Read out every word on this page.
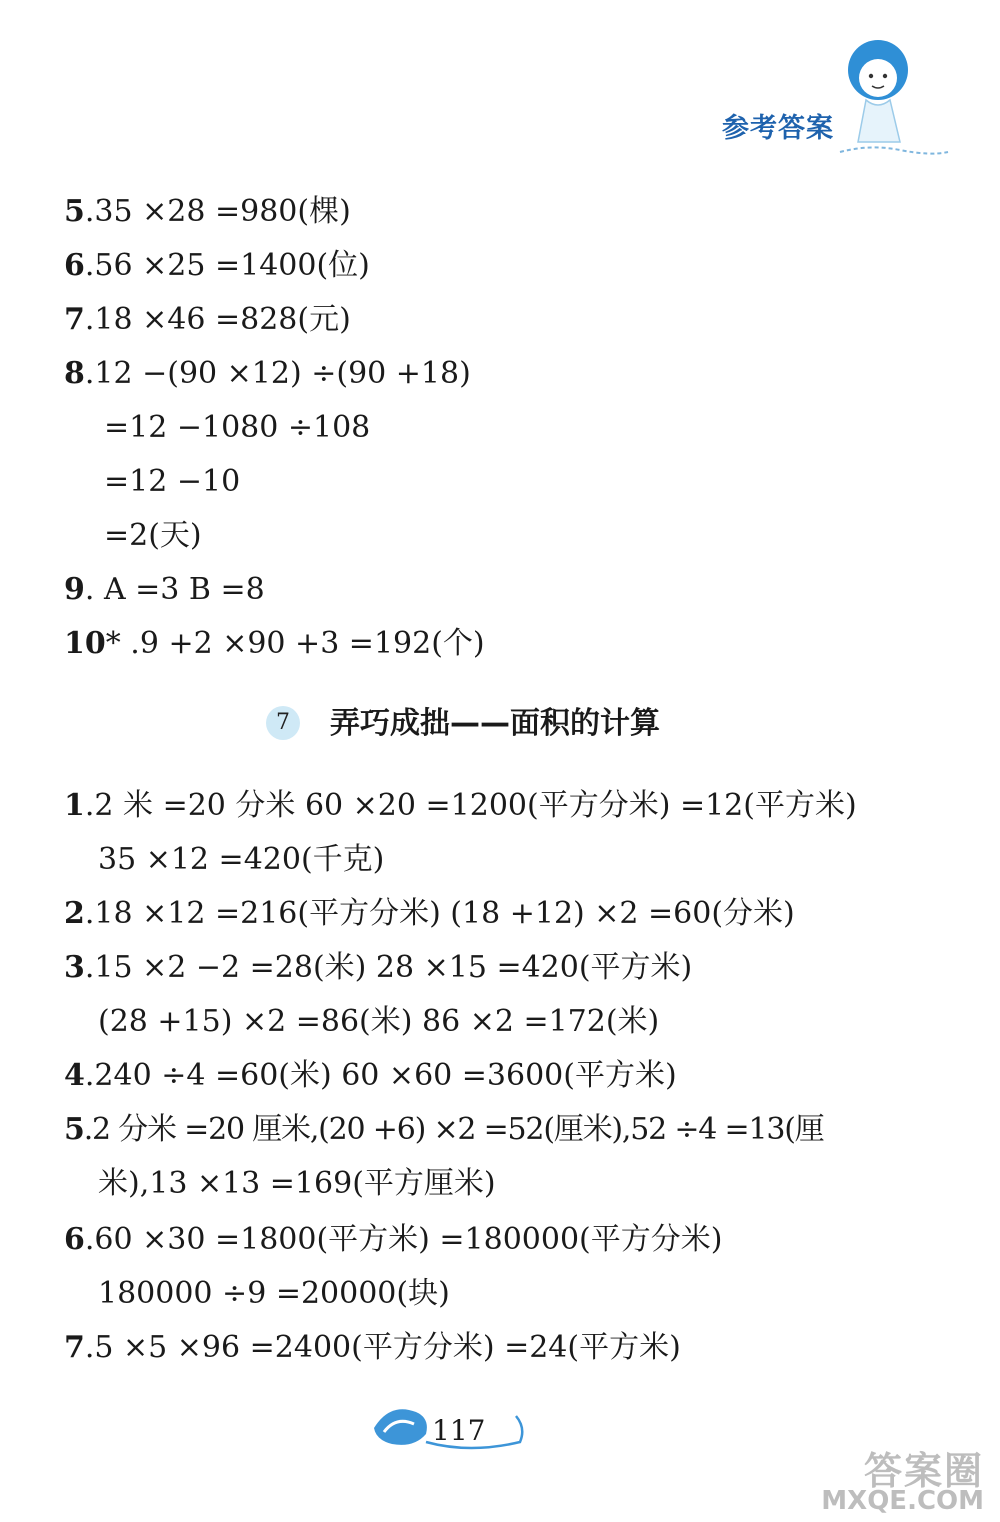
参考答案
5.35 ×28 =980(棵)
6.56 ×25 =1400(位)
7.18 ×46 =828(元)
8.12 −(90 ×12) ÷(90 +18)
=12 −1080 ÷108
=12 −10
=2(天)
9. A =3 B =8
10* .9 +2 ×90 +3 =192(个)
7	弄巧成拙——面积的计算
1.2 米 =20 分米 60 ×20 =1200(平方分米) =12(平方米)
35 ×12 =420(千克)
2.18 ×12 =216(平方分米) (18 +12) ×2 =60(分米)
3.15 ×2 −2 =28(米) 28 ×15 =420(平方米)
(28 +15) ×2 =86(米) 86 ×2 =172(米)
4.240 ÷4 =60(米) 60 ×60 =3600(平方米)
5.2 分米 =20 厘米,(20 +6) ×2 =52(厘米),52 ÷4 =13(厘
米),13 ×13 =169(平方厘米)
6.60 ×30 =1800(平方米) =180000(平方分米)
180000 ÷9 =20000(块)
7.5 ×5 ×96 =2400(平方分米) =24(平方米)
117
答案圈
MXQE.COM
